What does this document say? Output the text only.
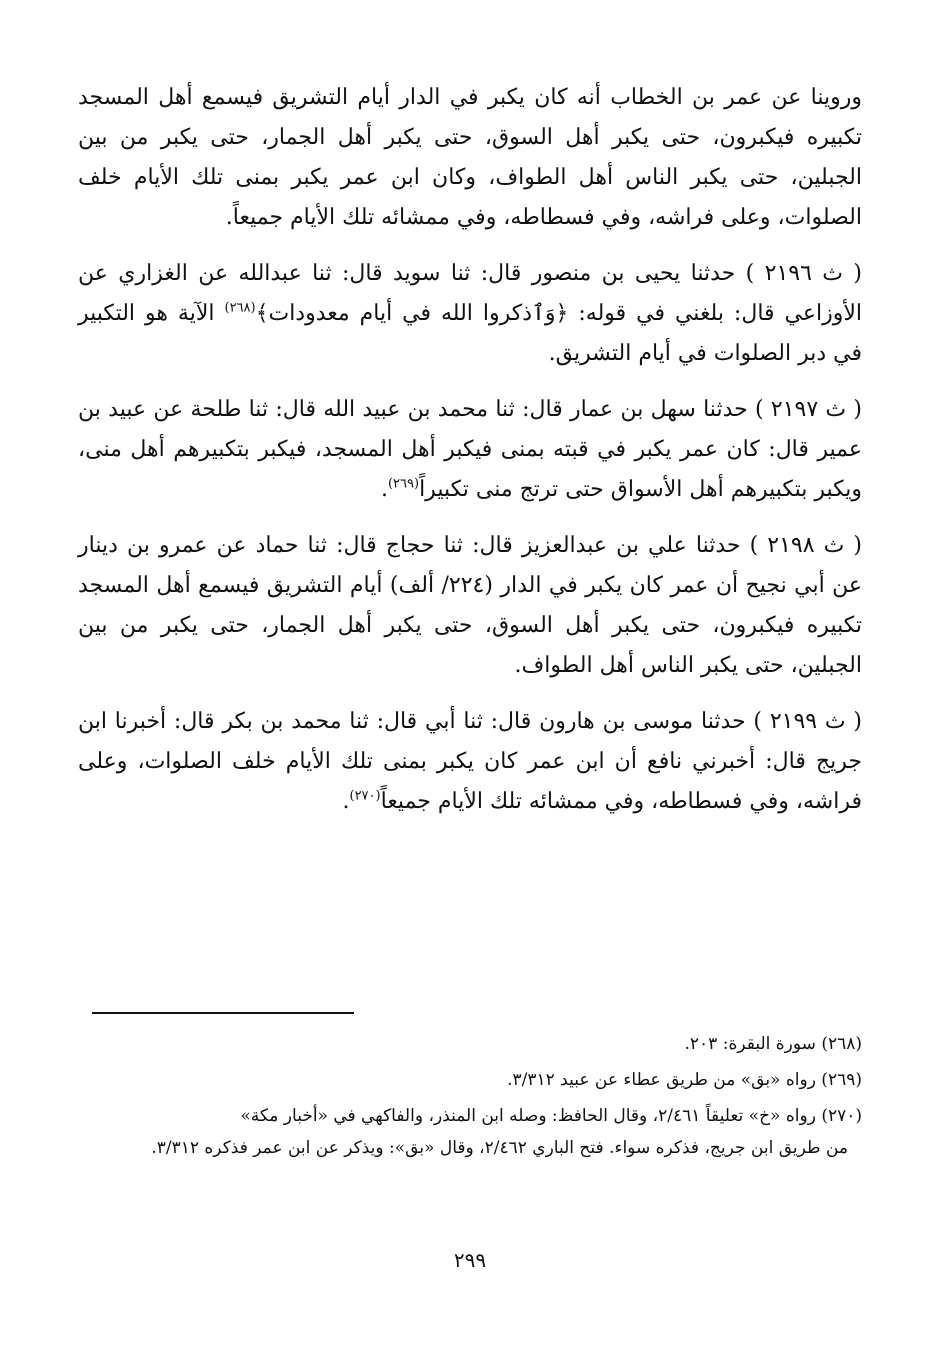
وروينا عن عمر بن الخطاب أنه كان يكبر في الدار أيام التشريق فيسمع أهل المسجد تكبيره فيكبرون، حتى يكبر أهل السوق، حتى يكبر أهل الجمار، حتى يكبر من بين الجبلين، حتى يكبر الناس أهل الطواف، وكان ابن عمر يكبر بمنى تلك الأيام خلف الصلوات، وعلى فراشه، وفي فسطاطه، وفي ممشائه تلك الأيام جميعاً.

( ث ٢١٩٦ ) حدثنا يحيى بن منصور قال: ثنا سويد قال: ثنا عبدالله عن الغزاري عن الأوزاعي قال: بلغني في قوله: ﴿وَٱذكروا الله في أيام معدودات﴾$^{(٢٦٨)}$ الآية هو التكبير في دبر الصلوات في أيام التشريق.

( ث ٢١٩٧ ) حدثنا سهل بن عمار قال: ثنا محمد بن عبيد الله قال: ثنا طلحة عن عبيد بن عمير قال: كان عمر يكبر في قبته بمنى فيكبر أهل المسجد، فيكبر بتكبيرهم أهل منى، ويكبر بتكبيرهم أهل الأسواق حتى ترتج منى تكبيراً$^{(٢٦٩)}$.

( ث ٢١٩٨ ) حدثنا علي بن عبدالعزيز قال: ثنا حجاج قال: ثنا حماد عن عمرو بن دينار عن أبي نجيح أن عمر كان يكبر في الدار (٢٢٤/ ألف) أيام التشريق فيسمع أهل المسجد تكبيره فيكبرون، حتى يكبر أهل السوق، حتى يكبر أهل الجمار، حتى يكبر من بين الجبلين، حتى يكبر الناس أهل الطواف.

( ث ٢١٩٩ ) حدثنا موسى بن هارون قال: ثنا أبي قال: ثنا محمد بن بكر قال: أخبرنا ابن جريج قال: أخبرني نافع أن ابن عمر كان يكبر بمنى تلك الأيام خلف الصلوات، وعلى فراشه، وفي فسطاطه، وفي ممشائه تلك الأيام جميعاً$^{(٢٧٠)}$.

(٢٦٨) سورة البقرة: ٢٠٣.

(٢٦٩) رواه «بق» من طريق عطاء عن عبيد ٣/٣١٢.

(٢٧٠) رواه «خ» تعليقاً ٢/٤٦١، وقال الحافظ: وصله ابن المنذر، والفاكهي في «أخبار مكة»
من طريق ابن جريج، فذكره سواء. فتح الباري ٢/٤٦٢، وقال «بق»: ويذكر عن ابن عمر فذكره ٣/٣١٢.

٢٩٩
